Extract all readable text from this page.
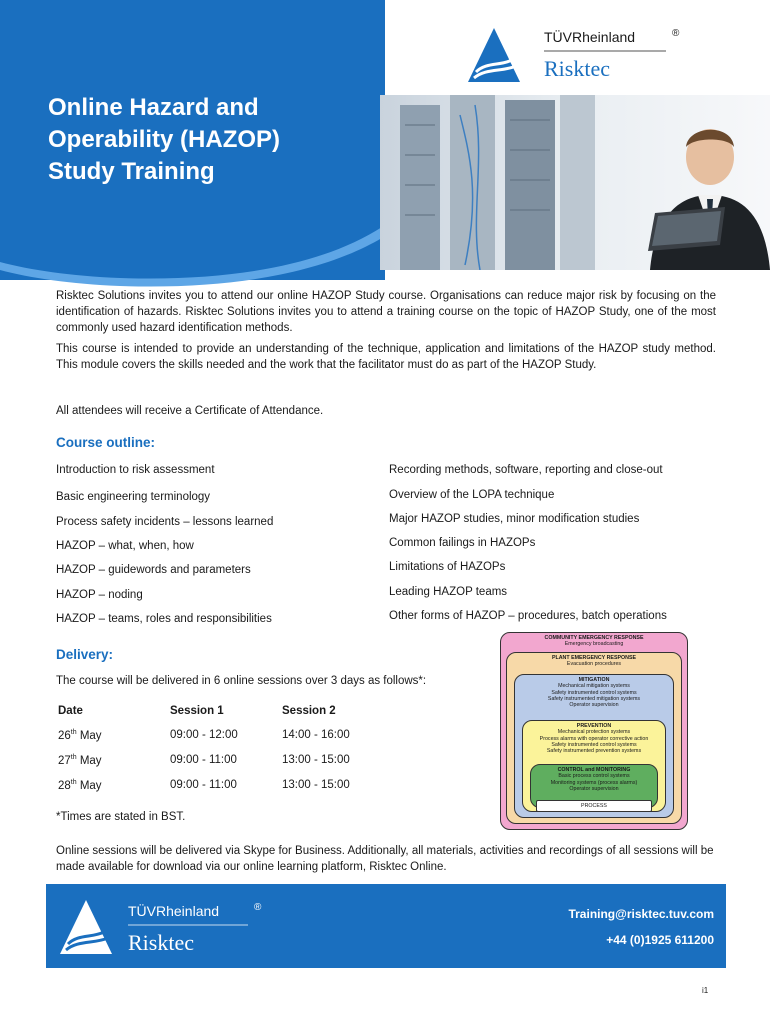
Online Hazard and
Operability (HAZOP)
Study Training
TÜVRheinland	®
Risktec
Risktec Solutions invites you to attend our online HAZOP Study course. Organisations can reduce major risk by focusing on the identification of hazards. Risktec Solutions invites you to attend a training course on the topic of HAZOP Study, one of the most commonly used hazard identification methods.
This course is intended to provide an understanding of the technique, application and limitations of the HAZOP study method. This module covers the skills needed and the work that the facilitator must do as part of the HAZOP Study.
All attendees will receive a Certificate of Attendance.
Course outline:
Introduction to risk assessment
Basic engineering terminology
Process safety incidents – lessons learned
HAZOP – what, when, how
HAZOP – guidewords and parameters
HAZOP – noding
HAZOP – teams, roles and responsibilities
Recording methods, software, reporting and close-out
Overview of the LOPA technique
Major HAZOP studies, minor modification studies
Common failings in HAZOPs
Limitations of HAZOPs
Leading HAZOP teams
Other forms of HAZOP – procedures, batch operations
Delivery:
The course will be delivered in 6 online sessions over 3 days as follows*:
Date	Session 1	Session 2
26th May	09:00 - 12:00	14:00 - 16:00
27th May	09:00 - 11:00	13:00 - 15:00
28th May	09:00 - 11:00	13:00 - 15:00
*Times are stated in BST.
Online sessions will be delivered via Skype for Business. Additionally, all materials, activities and recordings of all sessions will be made available for download via our online learning platform, Risktec Online.
COMMUNITY EMERGENCY RESPONSE
Emergency broadcasting
PLANT EMERGENCY RESPONSE
Evacuation procedures
MITIGATION
Mechanical mitigation systems
Safety instrumented control systems
Safety instrumented mitigation systems
Operator supervision
PREVENTION
Mechanical protection systems
Process alarms with operator corrective action
Safety instrumented control systems
Safety instrumented prevention systems
CONTROL and MONITORING
Basic process control systems
Monitoring systems (process alarms)
Operator supervision
PROCESS
TÜVRheinland	®
Risktec
Training@risktec.tuv.com
+44 (0)1925 611200
i1
